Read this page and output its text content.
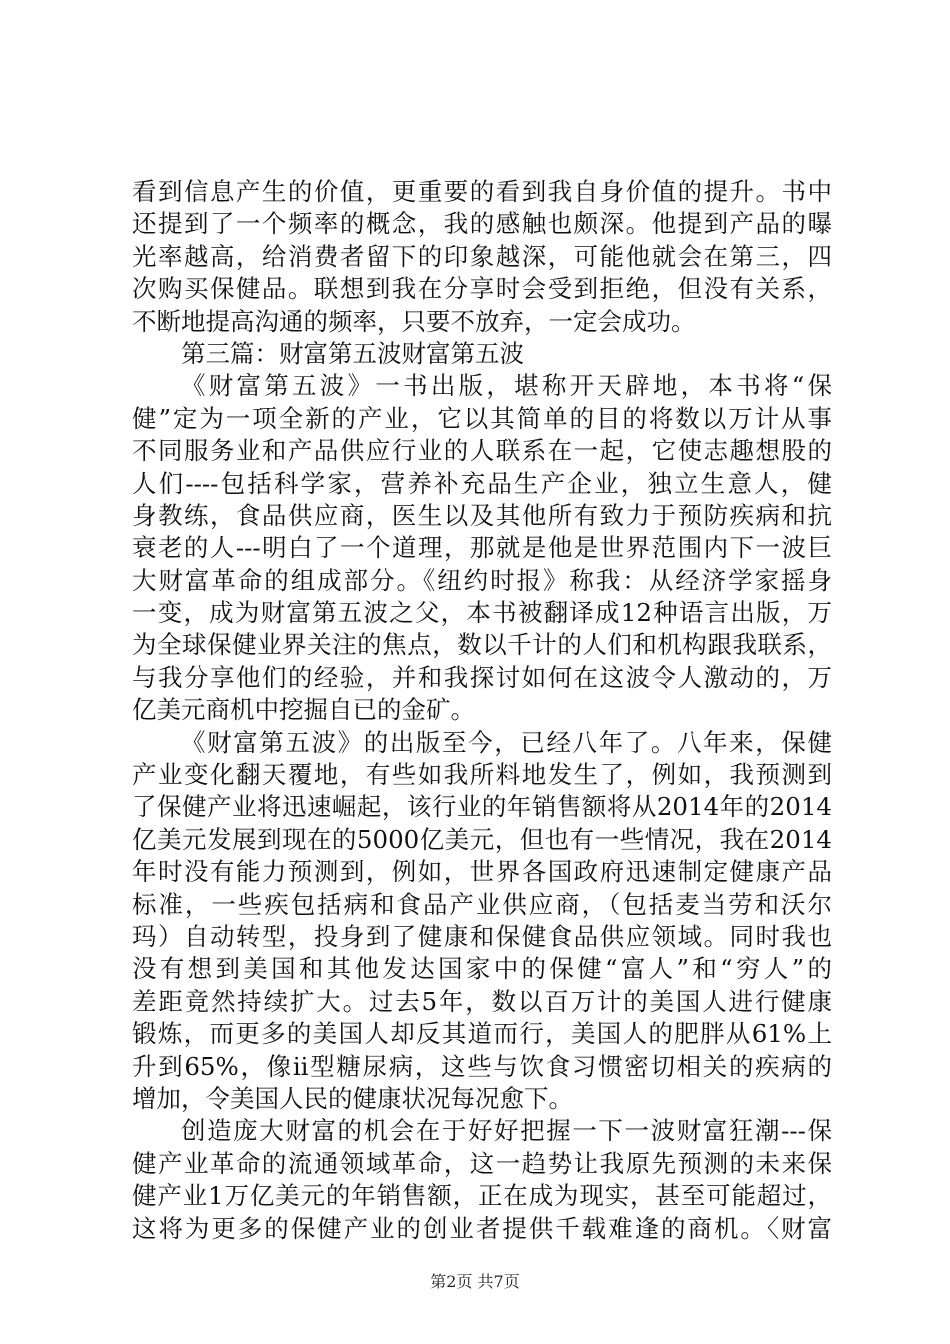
看到信息产生的价值，更重要的看到我自身价值的提升。书中
还提到了一个频率的概念，我的感触也颇深。他提到产品的曝
光率越高，给消费者留下的印象越深，可能他就会在第三，四
次购买保健品。联想到我在分享时会受到拒绝，但没有关系，
不断地提高沟通的频率，只要不放弃，一定会成功。
第三篇：财富第五波财富第五波
《财富第五波》一书出版，堪称开天辟地，本书将“保
健”定为一项全新的产业，它以其简单的目的将数以万计从事
不同服务业和产品供应行业的人联系在一起，它使志趣想股的
人们----包括科学家，营养补充品生产企业，独立生意人，健
身教练，食品供应商，医生以及其他所有致力于预防疾病和抗
衰老的人---明白了一个道理，那就是他是世界范围内下一波巨
大财富革命的组成部分。《纽约时报》称我：从经济学家摇身
一变，成为财富第五波之父，本书被翻译成12种语言出版，万
为全球保健业界关注的焦点，数以千计的人们和机构跟我联系，
与我分享他们的经验，并和我探讨如何在这波令人激动的，万
亿美元商机中挖掘自已的金矿。
《财富第五波》的出版至今，已经八年了。八年来，保健
产业变化翻天覆地，有些如我所料地发生了，例如，我预测到
了保健产业将迅速崛起，该行业的年销售额将从2014年的2014
亿美元发展到现在的5000亿美元，但也有一些情况，我在2014
年时没有能力预测到，例如，世界各国政府迅速制定健康产品
标准，一些疾包括病和食品产业供应商，（包括麦当劳和沃尔
玛）自动转型，投身到了健康和保健食品供应领域。同时我也
没有想到美国和其他发达国家中的保健“富人”和“穷人”的
差距竟然持续扩大。过去5年，数以百万计的美国人进行健康
锻炼，而更多的美国人却反其道而行，美国人的肥胖从61%上
升到65%，像ii型糖尿病，这些与饮食习惯密切相关的疾病的
增加，令美国人民的健康状况每况愈下。
创造庞大财富的机会在于好好把握一下一波财富狂潮---保
健产业革命的流通领域革命，这一趋势让我原先预测的未来保
健产业1万亿美元的年销售额，正在成为现实，甚至可能超过，
这将为更多的保健产业的创业者提供千载难逢的商机。〈财富
第2页 共7页
